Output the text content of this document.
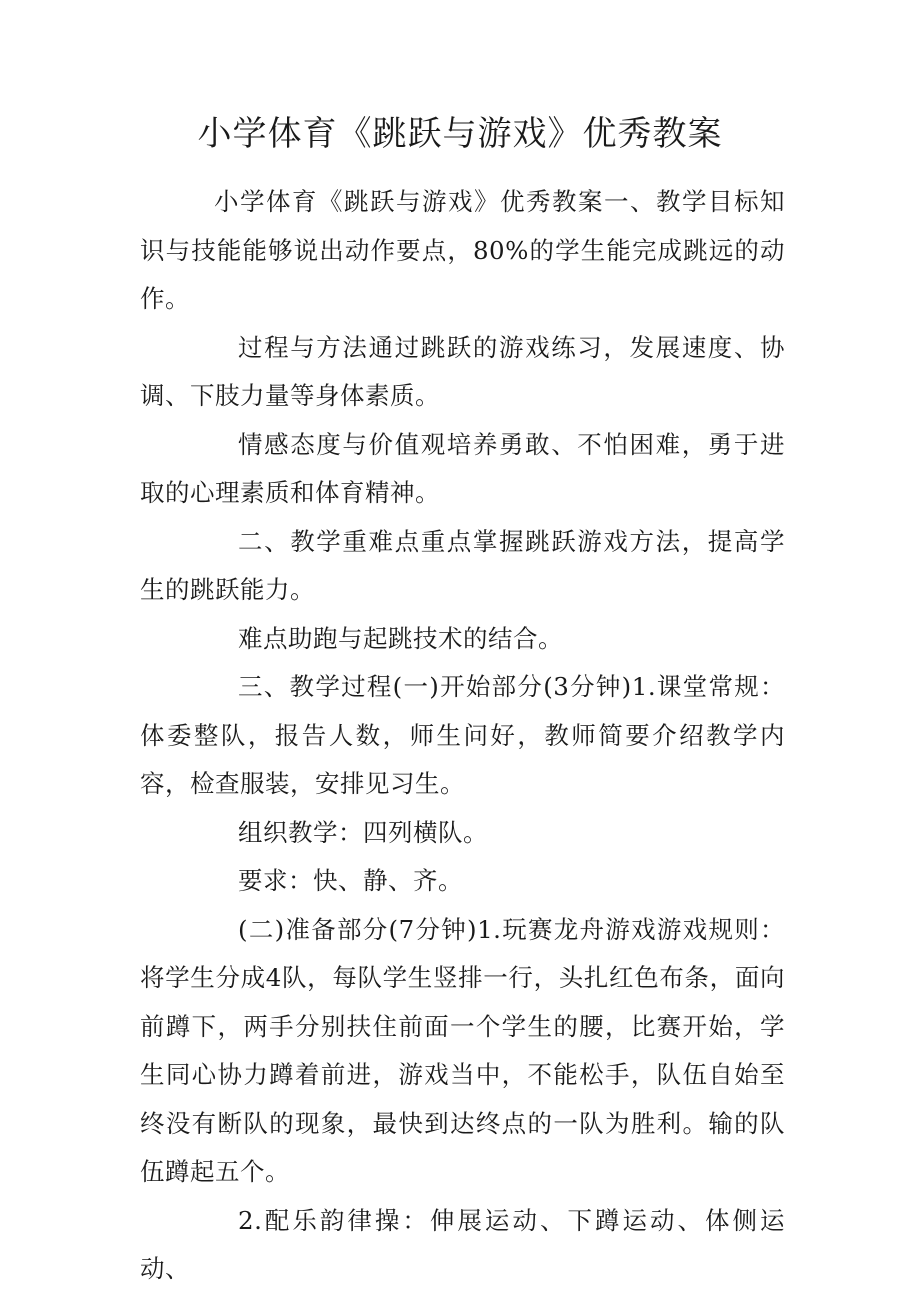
小学体育《跳跃与游戏》优秀教案

小学体育《跳跃与游戏》优秀教案一、教学目标知识与技能能够说出动作要点，80%的学生能完成跳远的动作。

过程与方法通过跳跃的游戏练习，发展速度、协调、下肢力量等身体素质。

情感态度与价值观培养勇敢、不怕困难，勇于进取的心理素质和体育精神。

二、教学重难点重点掌握跳跃游戏方法，提高学生的跳跃能力。

难点助跑与起跳技术的结合。

三、教学过程(一)开始部分(3分钟)1.课堂常规：体委整队，报告人数，师生问好，教师简要介绍教学内容，检查服装，安排见习生。

组织教学：四列横队。

要求：快、静、齐。

(二)准备部分(7分钟)1.玩赛龙舟游戏游戏规则：将学生分成4队，每队学生竖排一行，头扎红色布条，面向前蹲下，两手分别扶住前面一个学生的腰，比赛开始，学生同心协力蹲着前进，游戏当中，不能松手，队伍自始至终没有断队的现象，最快到达终点的一队为胜利。输的队伍蹲起五个。

2.配乐韵律操：伸展运动、下蹲运动、体侧运动、
